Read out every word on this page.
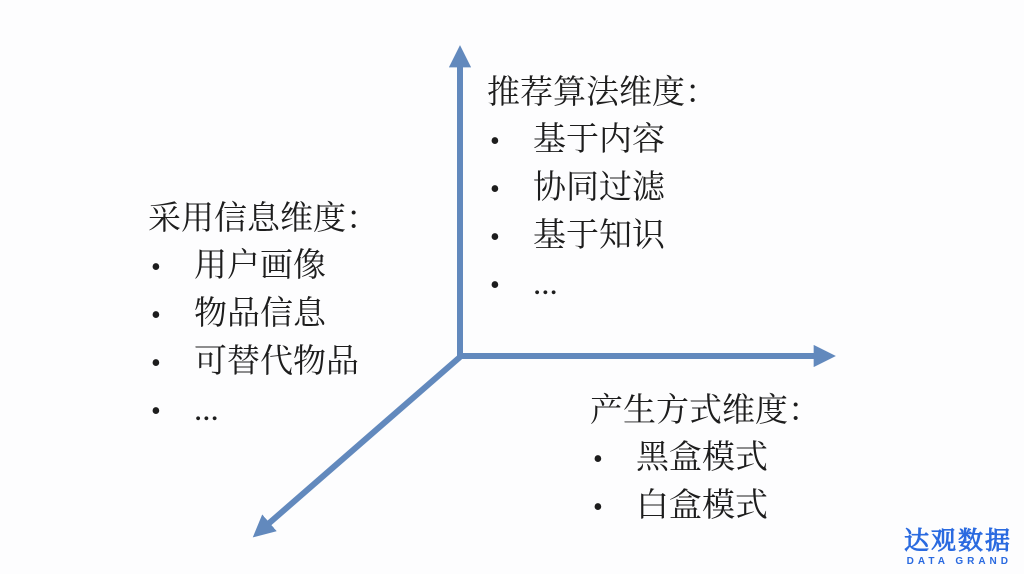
推荐算法维度：
•	基于内容
•	协同过滤
•	基于知识
•	...
采用信息维度：
•	用户画像
•	物品信息
•	可替代物品
•	...	产生方式维度：
•	黑盒模式
•	白盒模式
达观数据
DATA GRAND
